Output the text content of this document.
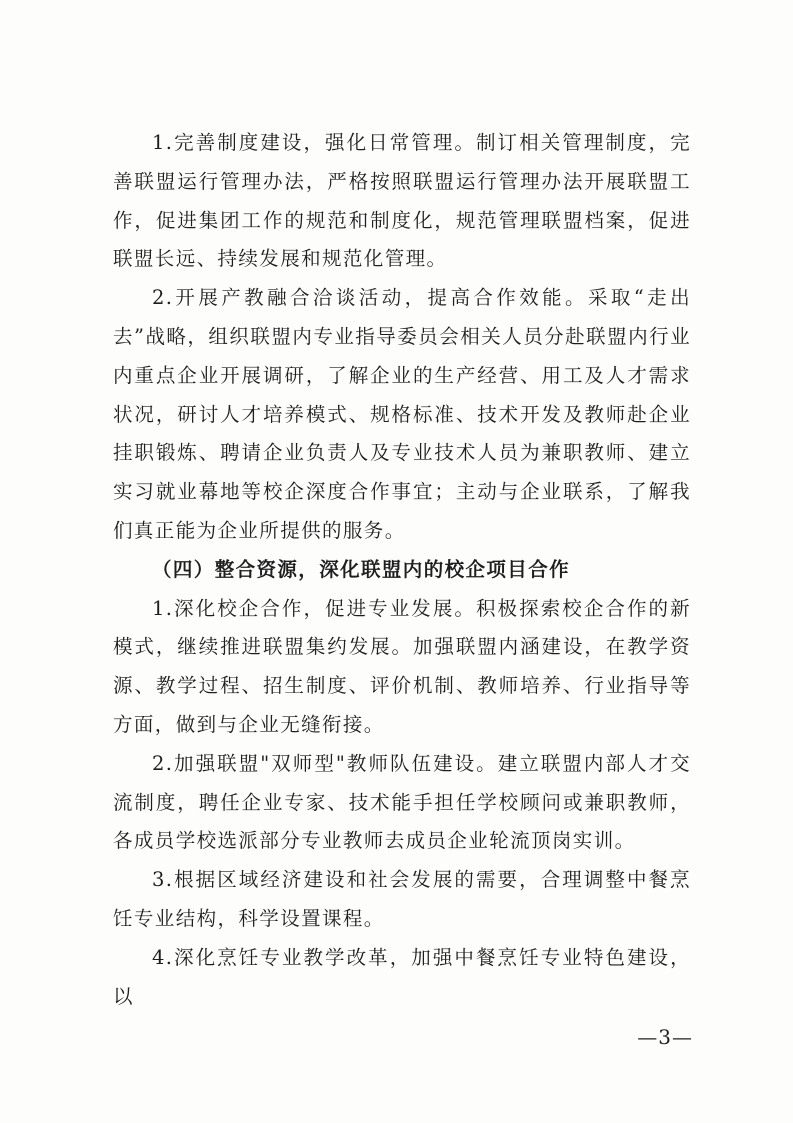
1.完善制度建设，强化日常管理。制订相关管理制度，完善联盟运行管理办法，严格按照联盟运行管理办法开展联盟工作，促进集团工作的规范和制度化，规范管理联盟档案，促进联盟长远、持续发展和规范化管理。

2.开展产教融合洽谈活动，提高合作效能。采取“走出去”战略，组织联盟内专业指导委员会相关人员分赴联盟内行业内重点企业开展调研，了解企业的生产经营、用工及人才需求状况，研讨人才培养模式、规格标准、技术开发及教师赴企业挂职锻炼、聘请企业负责人及专业技术人员为兼职教师、建立实习就业幕地等校企深度合作事宜；主动与企业联系，了解我们真正能为企业所提供的服务。

（四）整合资源，深化联盟内的校企项目合作

1.深化校企合作，促进专业发展。积极探索校企合作的新模式，继续推进联盟集约发展。加强联盟内涵建设，在教学资源、教学过程、招生制度、评价机制、教师培养、行业指导等方面，做到与企业无缝衔接。

2.加强联盟"双师型"教师队伍建设。建立联盟内部人才交流制度，聘任企业专家、技术能手担任学校顾问或兼职教师，各成员学校选派部分专业教师去成员企业轮流顶岗实训。

3.根据区域经济建设和社会发展的需要，合理调整中餐烹饪专业结构，科学设置课程。

4.深化烹饪专业教学改革，加强中餐烹饪专业特色建设，以

—3—
